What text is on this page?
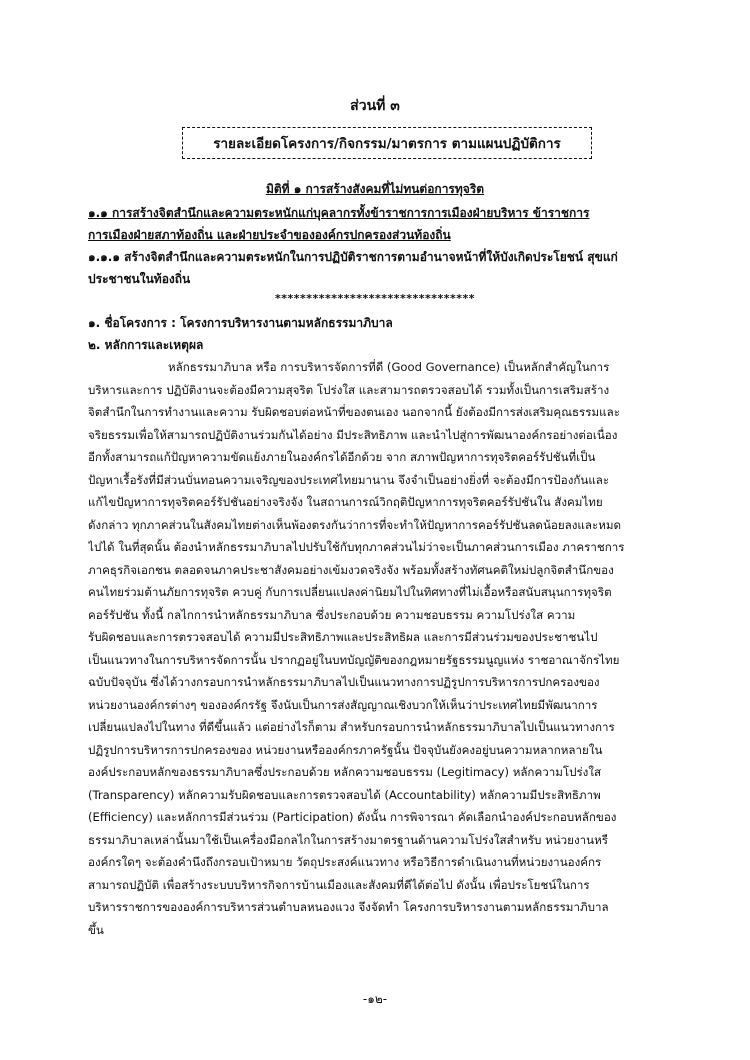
ส่วนที่ ๓
รายละเอียดโครงการ/กิจกรรม/มาตรการ ตามแผนปฏิบัติการ
มิติที่ ๑ การสร้างสังคมที่ไม่ทนต่อการทุจริต
๑.๑ การสร้างจิตสำนึกและความตระหนักแก่บุคลากรทั้งข้าราชการการเมืองฝ่ายบริหาร ข้าราชการ
การเมืองฝ่ายสภาท้องถิ่น และฝ่ายประจำขององค์กรปกครองส่วนท้องถิ่น
๑.๑.๑ สร้างจิตสำนึกและความตระหนักในการปฏิบัติราชการตามอำนาจหน้าที่ให้บังเกิดประโยชน์ สุขแก่
ประชาชนในท้องถิ่น
********************************
๑. ชื่อโครงการ : โครงการบริหารงานตามหลักธรรมาภิบาล
๒. หลักการและเหตุผล
หลักธรรมาภิบาล หรือ การบริหารจัดการที่ดี (Good Governance) เป็นหลักสำคัญในการ
บริหารและการ ปฏิบัติงานจะต้องมีความสุจริต โปร่งใส และสามารถตรวจสอบได้ รวมทั้งเป็นการเสริมสร้าง
จิตสำนึกในการทำงานและความ รับผิดชอบต่อหน้าที่ของตนเอง นอกจากนี้ ยังต้องมีการส่งเสริมคุณธรรมและ
จริยธรรมเพื่อให้สามารถปฏิบัติงานร่วมกันได้อย่าง มีประสิทธิภาพ และนำไปสู่การพัฒนาองค์กรอย่างต่อเนื่อง
อีกทั้งสามารถแก้ปัญหาความขัดแย้งภายในองค์กรได้อีกด้วย จาก สภาพปัญหาการทุจริตคอร์รัปชันที่เป็น
ปัญหาเรื้อรังที่มีส่วนบั่นทอนความเจริญของประเทศไทยมานาน จึงจำเป็นอย่างยิ่งที่ จะต้องมีการป้องกันและ
แก้ไขปัญหาการทุจริตคอร์รัปชันอย่างจริงจัง ในสถานการณ์วิกฤติปัญหาการทุจริตคอร์รัปชันใน สังคมไทย
ดังกล่าว ทุกภาคส่วนในสังคมไทยต่างเห็นพ้องตรงกันว่าการที่จะทำให้ปัญหาการคอร์รัปชันลดน้อยลงและหมด
ไปได้ ในที่สุดนั้น ต้องนำหลักธรรมาภิบาลไปปรับใช้กับทุกภาคส่วนไม่ว่าจะเป็นภาคส่วนการเมือง ภาคราชการ
ภาคธุรกิจเอกชน ตลอดจนภาคประชาสังคมอย่างเข้มงวดจริงจัง พร้อมทั้งสร้างทัศนคติใหม่ปลูกจิตสำนึกของ
คนไทยร่วมต้านภัยการทุจริต ควบคู่ กับการเปลี่ยนแปลงค่านิยมไปในทิศทางที่ไม่เอื้อหรือสนับสนุนการทุจริต
คอร์รัปชัน ทั้งนี้ กลไกการนำหลักธรรมาภิบาล ซึ่งประกอบด้วย ความชอบธรรม ความโปร่งใส ความ
รับผิดชอบและการตรวจสอบได้ ความมีประสิทธิภาพและประสิทธิผล และการมีส่วนร่วมของประชาชนไป
เป็นแนวทางในการบริหารจัดการนั้น ปรากฏอยู่ในบทบัญญัติของกฎหมายรัฐธรรมนูญแห่ง ราชอาณาจักรไทย
ฉบับปัจจุบัน ซึ่งได้วางกรอบการนำหลักธรรมาภิบาลไปเป็นแนวทางการปฏิรูปการบริหารการปกครองของ
หน่วยงานองค์กรต่างๆ ขององค์กรรัฐ จึงนับเป็นการส่งสัญญาณเชิงบวกให้เห็นว่าประเทศไทยมีพัฒนาการ
เปลี่ยนแปลงไปในทาง ที่ดีขึ้นแล้ว แต่อย่างไรก็ตาม สำหรับกรอบการนำหลักธรรมาภิบาลไปเป็นแนวทางการ
ปฏิรูปการบริหารการปกครองของ หน่วยงานหรือองค์กรภาครัฐนั้น ปัจจุบันยังคงอยู่บนความหลากหลายใน
องค์ประกอบหลักของธรรมาภิบาลซึ่งประกอบด้วย หลักความชอบธรรม (Legitimacy) หลักความโปร่งใส
(Transparency) หลักความรับผิดชอบและการตรวจสอบได้ (Accountability) หลักความมีประสิทธิภาพ
(Efficiency) และหลักการมีส่วนร่วม (Participation) ดังนั้น การพิจารณา คัดเลือกนำองค์ประกอบหลักของ
ธรรมาภิบาลเหล่านั้นมาใช้เป็นเครื่องมือกลไกในการสร้างมาตรฐานด้านความโปร่งใสสำหรับ หน่วยงานหรื
องค์กรใดๆ จะต้องคำนึงถึงกรอบเป้าหมาย วัตถุประสงค์แนวทาง หรือวิธีการดำเนินงานที่หน่วยงานองค์กร
สามารถปฏิบัติ เพื่อสร้างระบบบริหารกิจการบ้านเมืองและสังคมที่ดีได้ต่อไป ดังนั้น เพื่อประโยชน์ในการ
บริหารราชการขององค์การบริหารส่วนตำบลหนองแวง จึงจัดทำ โครงการบริหารงานตามหลักธรรมาภิบาล
ขึ้น
-๑๒-
